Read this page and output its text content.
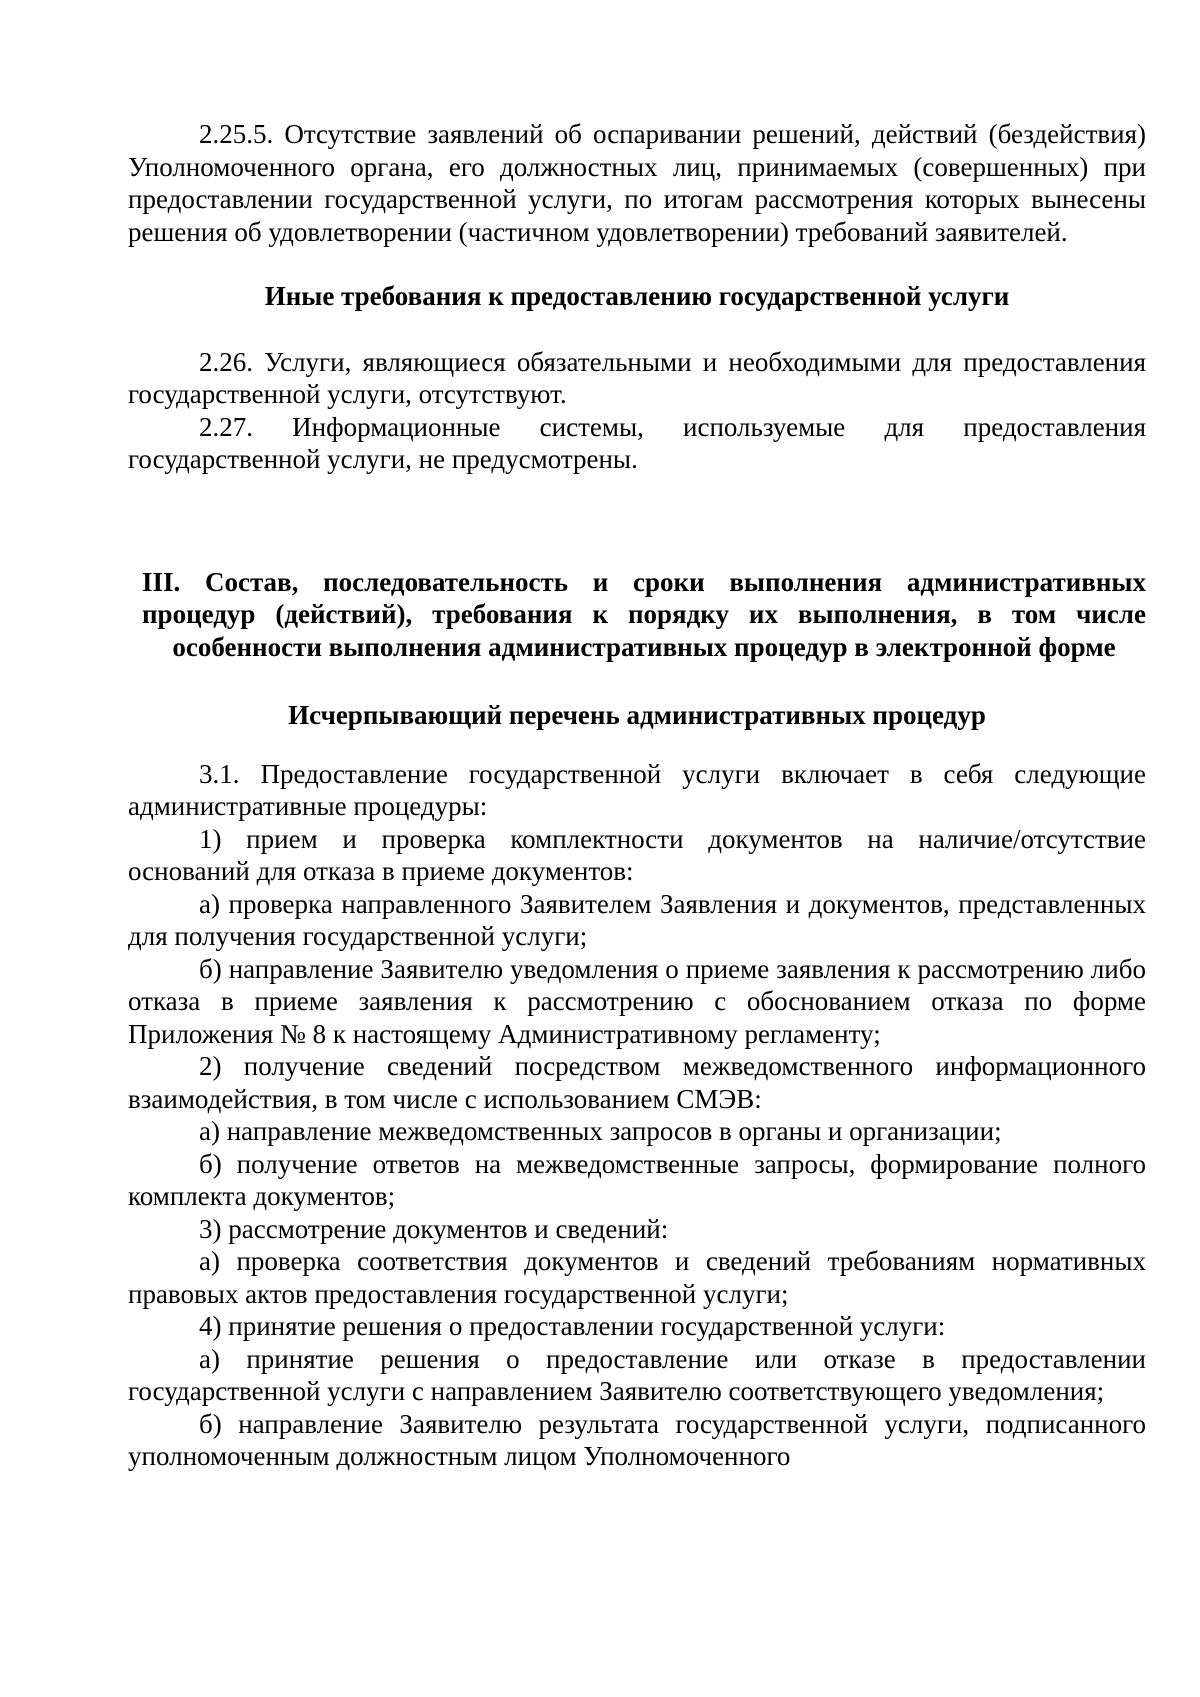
2.25.5. Отсутствие заявлений об оспаривании решений, действий (бездействия) Уполномоченного органа, его должностных лиц, принимаемых (совершенных) при предоставлении государственной услуги, по итогам рассмотрения которых вынесены решения об удовлетворении (частичном удовлетворении) требований заявителей.

Иные требования к предоставлению государственной услуги

2.26. Услуги, являющиеся обязательными и необходимыми для предоставления государственной услуги, отсутствуют.

2.27. Информационные системы, используемые для предоставления государственной услуги, не предусмотрены.

III. Состав, последовательность и сроки выполнения административных процедур (действий), требования к порядку их выполнения, в том числе особенности выполнения административных процедур в электронной форме

Исчерпывающий перечень административных процедур

3.1. Предоставление государственной услуги включает в себя следующие административные процедуры:

1) прием и проверка комплектности документов на наличие/отсутствие оснований для отказа в приеме документов:

а) проверка направленного Заявителем Заявления и документов, представленных для получения государственной услуги;

б) направление Заявителю уведомления о приеме заявления к рассмотрению либо отказа в приеме заявления к рассмотрению с обоснованием отказа по форме Приложения № 8 к настоящему Административному регламенту;

2) получение сведений посредством межведомственного информационного взаимодействия, в том числе с использованием СМЭВ:

а) направление межведомственных запросов в органы и организации;

б) получение ответов на межведомственные запросы, формирование полного комплекта документов;

3) рассмотрение документов и сведений:

а) проверка соответствия документов и сведений требованиям нормативных правовых актов предоставления государственной услуги;

4) принятие решения о предоставлении государственной услуги:

а) принятие решения о предоставление или отказе в предоставлении государственной услуги с направлением Заявителю соответствующего уведомления;

б) направление Заявителю результата государственной услуги, подписанного уполномоченным должностным лицом Уполномоченного
